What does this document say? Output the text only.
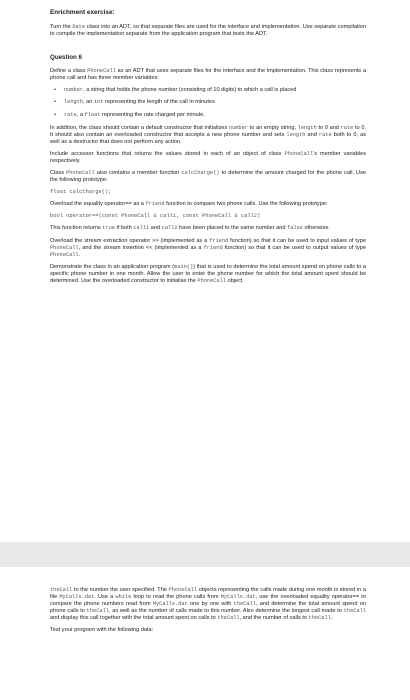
Enrichment exercise:

Turn the Date class into an ADT, so that separate files are used for the interface and implementation. Use separate compilation to compile the implementation separate from the application program that tests the ADT.

Question 6

Define a class PhoneCall as an ADT that uses separate files for the interface and the implementation. This class represents a phone call and has three member variables:

• number, a string that holds the phone number (consisting of 10 digits) to which a call is placed
• length, an int representing the length of the call in minutes
• rate, a float representing the rate charged per minute.

In addition, the class should contain a default constructor that initializes number to an empty string, length to 0 and rate to 0. It should also contain an overloaded constructor that accepts a new phone number and sets length and rate both to 0, as well as a destructor that does not perform any action.

Include accessor functions that returns the values stored in each of an object of class PhoneCall's member variables respectively.

Class PhoneCall also contains a member function calcCharge() to determine the amount charged for the phone call. Use the following prototype:

float calcCharge();

Overload the equality operator== as a friend function to compare two phone calls. Use the following prototype:

bool operator==(const PhoneCall & call1, const PhoneCall & call2)

This function returns true if both call1 and call2 have been placed to the same number and false otherwise.

Overload the stream extraction operator >> (implemented as a friend function) so that it can be used to input values of type PhoneCall, and the stream insertion << (implemented as a friend function) so that it can be used to output values of type PhoneCall.

Demonstrate the class in an application program (main()) that is used to determine the total amount spend on phone calls to a specific phone number in one month. Allow the user to enter the phone number for which the total amount spent should be determined. Use the overloaded constructor to initialise the PhoneCall object

theCall to the number the user specified. The PhoneCall objects representing the calls made during one month is stored in a file MyCalls.dat. Use a while loop to read the phone calls from MyCalls.dat, use the overloaded equality operator== to compare the phone numbers read from MyCalls.dat one by one with theCall, and determine the total amount spend on phone calls to theCall, as well as the number of calls made to this number. Also determine the longest call made to theCall and display this call together with the total amount spent on calls to theCall, and the number of calls to theCall.

Test your program with the following data:
